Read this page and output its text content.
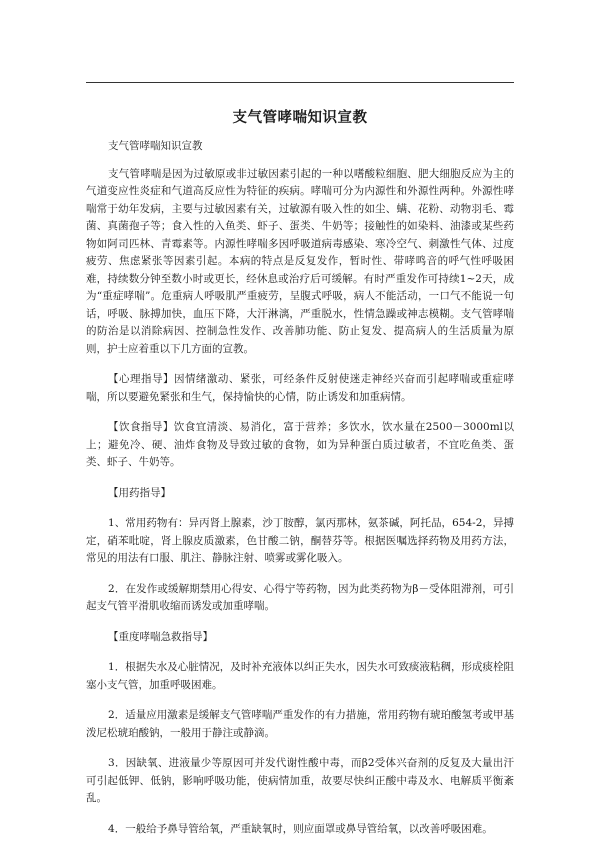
支气管哮喘知识宣教

支气管哮喘知识宣教

支气管哮喘是因为过敏原或非过敏因素引起的一种以嗜酸粒细胞、肥大细胞反应为主的气道变应性炎症和气道高反应性为特征的疾病。哮喘可分为内源性和外源性两种。外源性哮喘常于幼年发病，主要与过敏因素有关，过敏源有吸入性的如尘、螨、花粉、动物羽毛、霉菌、真菌孢子等；食入性的入鱼类、虾子、蛋类、牛奶等；接触性的如染料、油漆或某些药物如阿司匹林、青霉素等。内源性哮喘多因呼吸道病毒感染、寒冷空气、刺激性气体、过度疲劳、焦虑紧张等因素引起。本病的特点是反复发作，暂时性、带哮鸣音的呼气性呼吸困难，持续数分钟至数小时或更长，经休息或治疗后可缓解。有时严重发作可持续1~2天，成为“重症哮喘”。危重病人呼吸肌严重疲劳，呈腹式呼吸，病人不能活动，一口气不能说一句话，呼吸、脉搏加快，血压下降，大汗淋漓，严重脱水，性情急躁或神志模糊。支气管哮喘的防治是以消除病因、控制急性发作、改善肺功能、防止复发、提高病人的生活质量为原则，护士应着重以下几方面的宣教。

【心理指导】因情绪激动、紧张，可经条件反射使迷走神经兴奋而引起哮喘或重症哮喘，所以要避免紧张和生气，保持愉快的心情，防止诱发和加重病情。

【饮食指导】饮食宜清淡、易消化，富于营养；多饮水，饮水量在2500－3000ml以上；避免冷、硬、油炸食物及导致过敏的食物，如为异种蛋白质过敏者，不宜吃鱼类、蛋类、虾子、牛奶等。

【用药指导】

1、常用药物有：异丙肾上腺素，沙丁胺醇，氯丙那林，氨茶碱，阿托品，654-2，异搏定，硝苯吡啶，肾上腺皮质激素，色甘酸二钠，酮替芬等。根据医嘱选择药物及用药方法，常见的用法有口服、肌注、静脉注射、喷雾或雾化吸入。

2．在发作或缓解期禁用心得安、心得宁等药物，因为此类药物为β－受体阻滞剂，可引起支气管平滑肌收缩而诱发或加重哮喘。

【重度哮喘急救指导】

1．根据失水及心脏情况，及时补充液体以纠正失水，因失水可致痰液粘稠，形成痰栓阻塞小支气管，加重呼吸困难。

2．适量应用激素是缓解支气管哮喘严重发作的有力措施，常用药物有琥珀酸氢考或甲基泼尼松琥珀酸钠，一般用于静注或静滴。

3．因缺氧、进液量少等原因可并发代谢性酸中毒，而β2受体兴奋剂的反复及大量出汗可引起低钾、低钠，影响呼吸功能，使病情加重，故要尽快纠正酸中毒及水、电解质平衡紊乱。

4．一般给予鼻导管给氧，严重缺氧时，则应面罩或鼻导管给氧，以改善呼吸困难。
